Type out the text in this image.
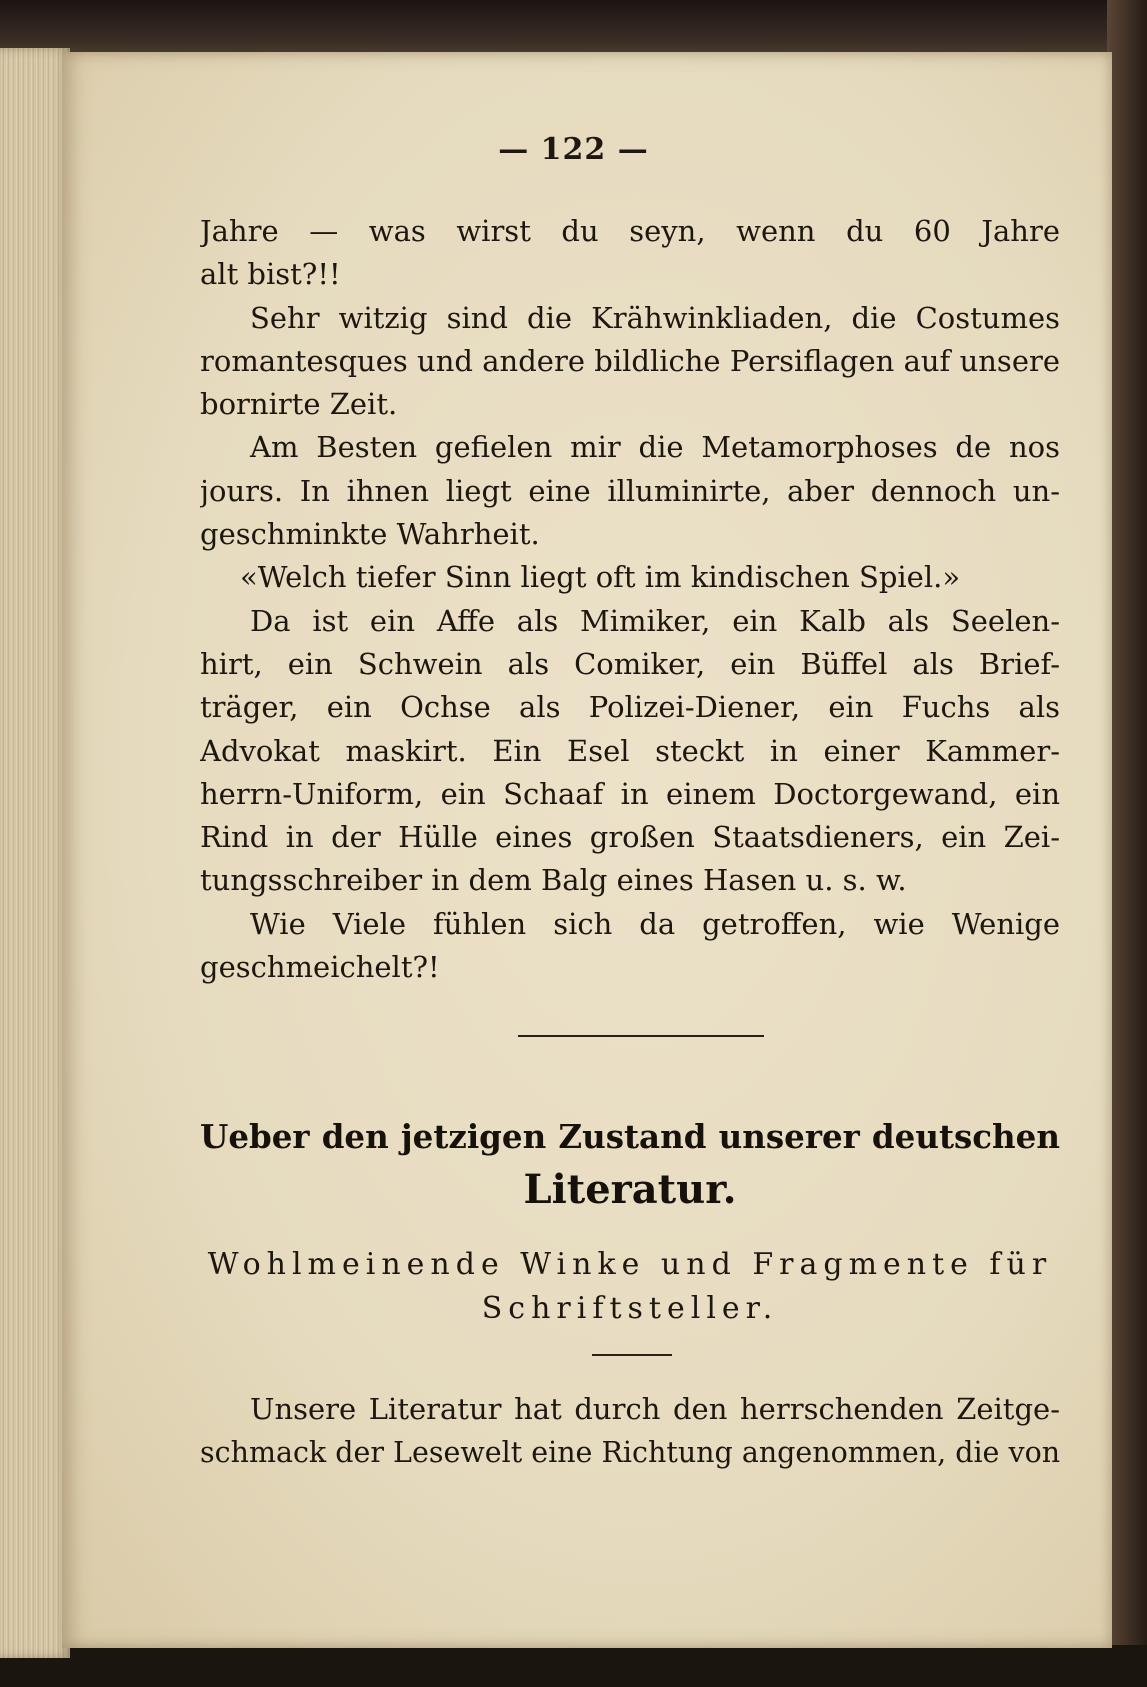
— 122 —
Jahre — was wirst du seyn, wenn du 60 Jahre
alt bist?!!
Sehr witzig sind die Krähwinkliaden, die Costumes
romantesques und andere bildliche Persiflagen auf unsere
bornirte Zeit.
Am Besten gefielen mir die Metamorphoses de nos
jours. In ihnen liegt eine illuminirte, aber dennoch un-
geschminkte Wahrheit.
«Welch tiefer Sinn liegt oft im kindischen Spiel.»
Da ist ein Affe als Mimiker, ein Kalb als Seelen-
hirt, ein Schwein als Comiker, ein Büffel als Brief-
träger, ein Ochse als Polizei-Diener, ein Fuchs als
Advokat maskirt. Ein Esel steckt in einer Kammer-
herrn-Uniform, ein Schaaf in einem Doctorgewand, ein
Rind in der Hülle eines großen Staatsdieners, ein Zei-
tungsschreiber in dem Balg eines Hasen u. s. w.
Wie Viele fühlen sich da getroffen, wie Wenige
geschmeichelt?!
Ueber den jetzigen Zustand unserer deutschen
Literatur.
Wohlmeinende Winke und Fragmente für
Schriftsteller.
Unsere Literatur hat durch den herrschenden Zeitge-
schmack der Lesewelt eine Richtung angenommen, die von
